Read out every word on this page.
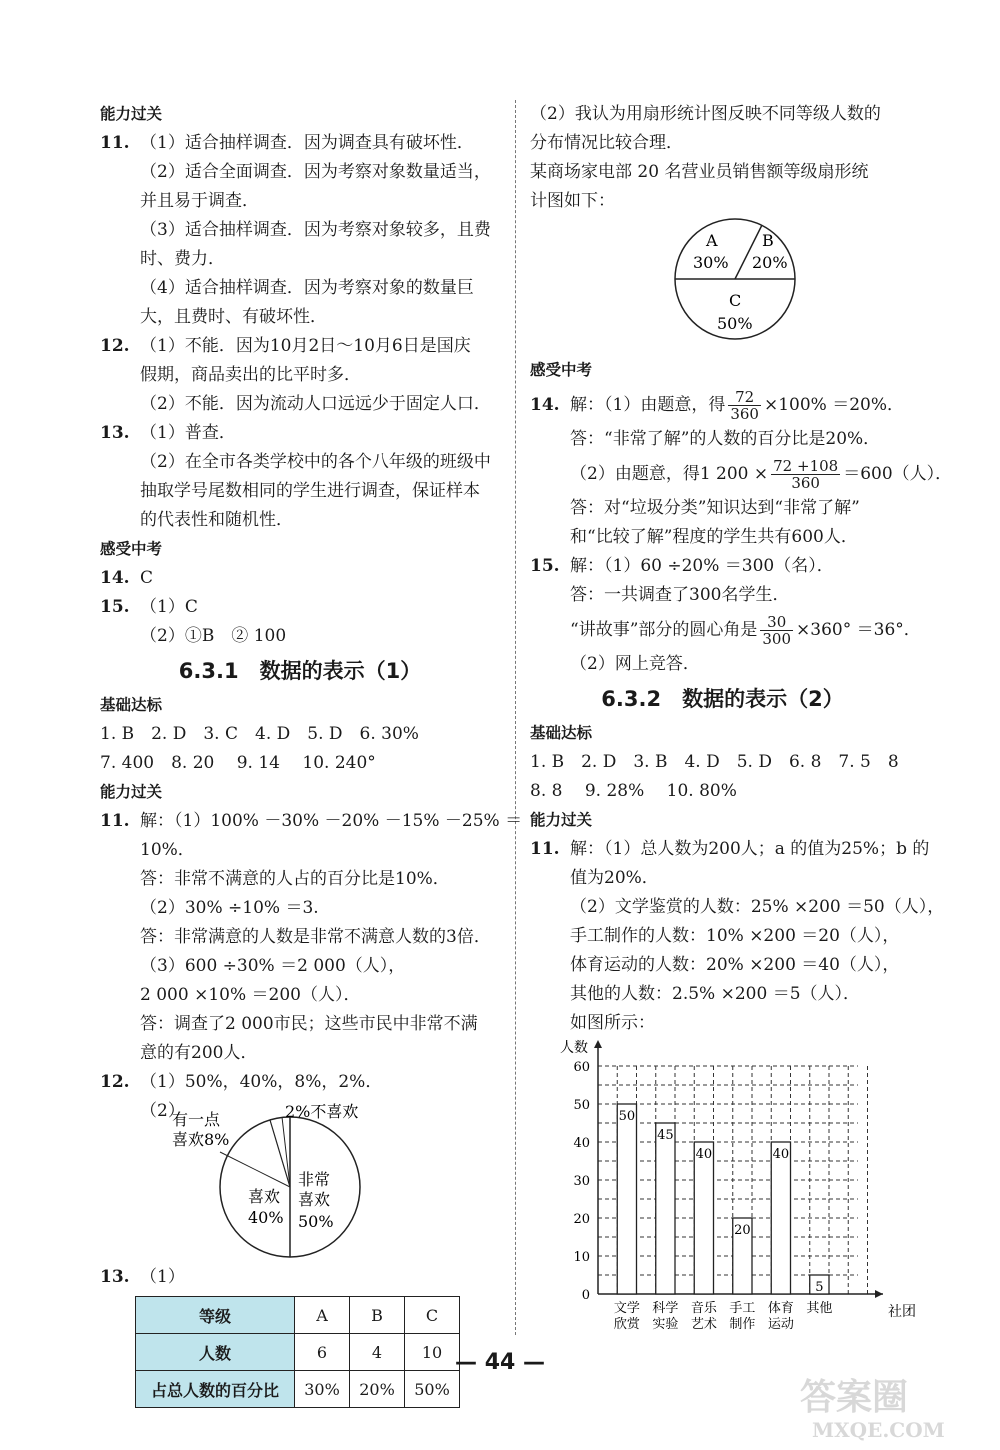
能力过关
11. （1）适合抽样调查．因为调查具有破坏性．
（2）适合全面调查．因为考察对象数量适当，
并且易于调查．
（3）适合抽样调查．因为考察对象较多，且费
时、费力．
（4）适合抽样调查．因为考察对象的数量巨
大，且费时、有破坏性．
12. （1）不能．因为10月2日～10月6日是国庆
假期，商品卖出的比平时多．
（2）不能．因为流动人口远远少于固定人口．
13. （1）普查．
（2）在全市各类学校中的各个八年级的班级中
抽取学号尾数相同的学生进行调查，保证样本
的代表性和随机性．
感受中考
14. C
15. （1）C
（2）①B　② 100
6.3.1　数据的表示（1）
基础达标
1. B　2. D　3. C　4. D　5. D　6. 30%
7. 400　8. 20　 9. 14　 10. 240°
能力过关
11. 解：（1）100% －30% －20% －15% －25% ＝
10%．
答：非常不满意的人占的百分比是10%．
（2）30% ÷10% ＝3.
答：非常满意的人数是非常不满意人数的3倍．
（3）600 ÷30% ＝2 000（人），
2 000 ×10% ＝200（人）．
答：调查了2 000市民；这些市民中非常不满
意的有200人．
12. （1）50%，40%，8%，2%．
（2）
有一点
喜欢8%
2%不喜欢
喜欢
40%
非常
喜欢
50%
13. （1）
等级	A	B	C
人数	6	4	10
占总人数的百分比	30%	20%	50%
（2）我认为用扇形统计图反映不同等级人数的
分布情况比较合理．
某商场家电部 20 名营业员销售额等级扇形统
计图如下：
A
30%
B
20%
C
50%
感受中考
14. 解：（1）由题意，得 $\frac{72}{360} \times 100\% =20\%$．
答：“非常了解”的人数的百分比是20%．
（2）由题意，得1 $200 \times \frac{72 +108}{360} =600$（人）．
答：对“垃圾分类”知识达到“非常了解”
和“比较了解”程度的学生共有600人．
15. 解：（1）60 ÷20% ＝300（名）．
答：一共调查了300名学生．
“讲故事”部分的圆心角是 $\frac{30}{300} \times 360^\circ =36^\circ$．
（2）网上竞答．
6.3.2　数据的表示（2）
基础达标
1. B　2. D　3. B　4. D　5. D　6. 8　7. 5　8
8. 8　 9. 28%　 10. 80%
能力过关
11. 解：（1）总人数为200人；a 的值为25%；b 的
值为20%．
（2）文学鉴赏的人数：25% ×200 ＝50（人），
手工制作的人数：10% ×200 ＝20（人），
体育运动的人数：20% ×200 ＝40（人），
其他的人数：2.5% ×200 ＝5（人）．
如图所示：
人数
社团
0
10
20
30
40
50
60
50
文学
欣赏
45
科学
实验
40
音乐
艺术
20
手工
制作
40
体育
运动
5
其他
— 44 —
答案圈
MXQE.COM
